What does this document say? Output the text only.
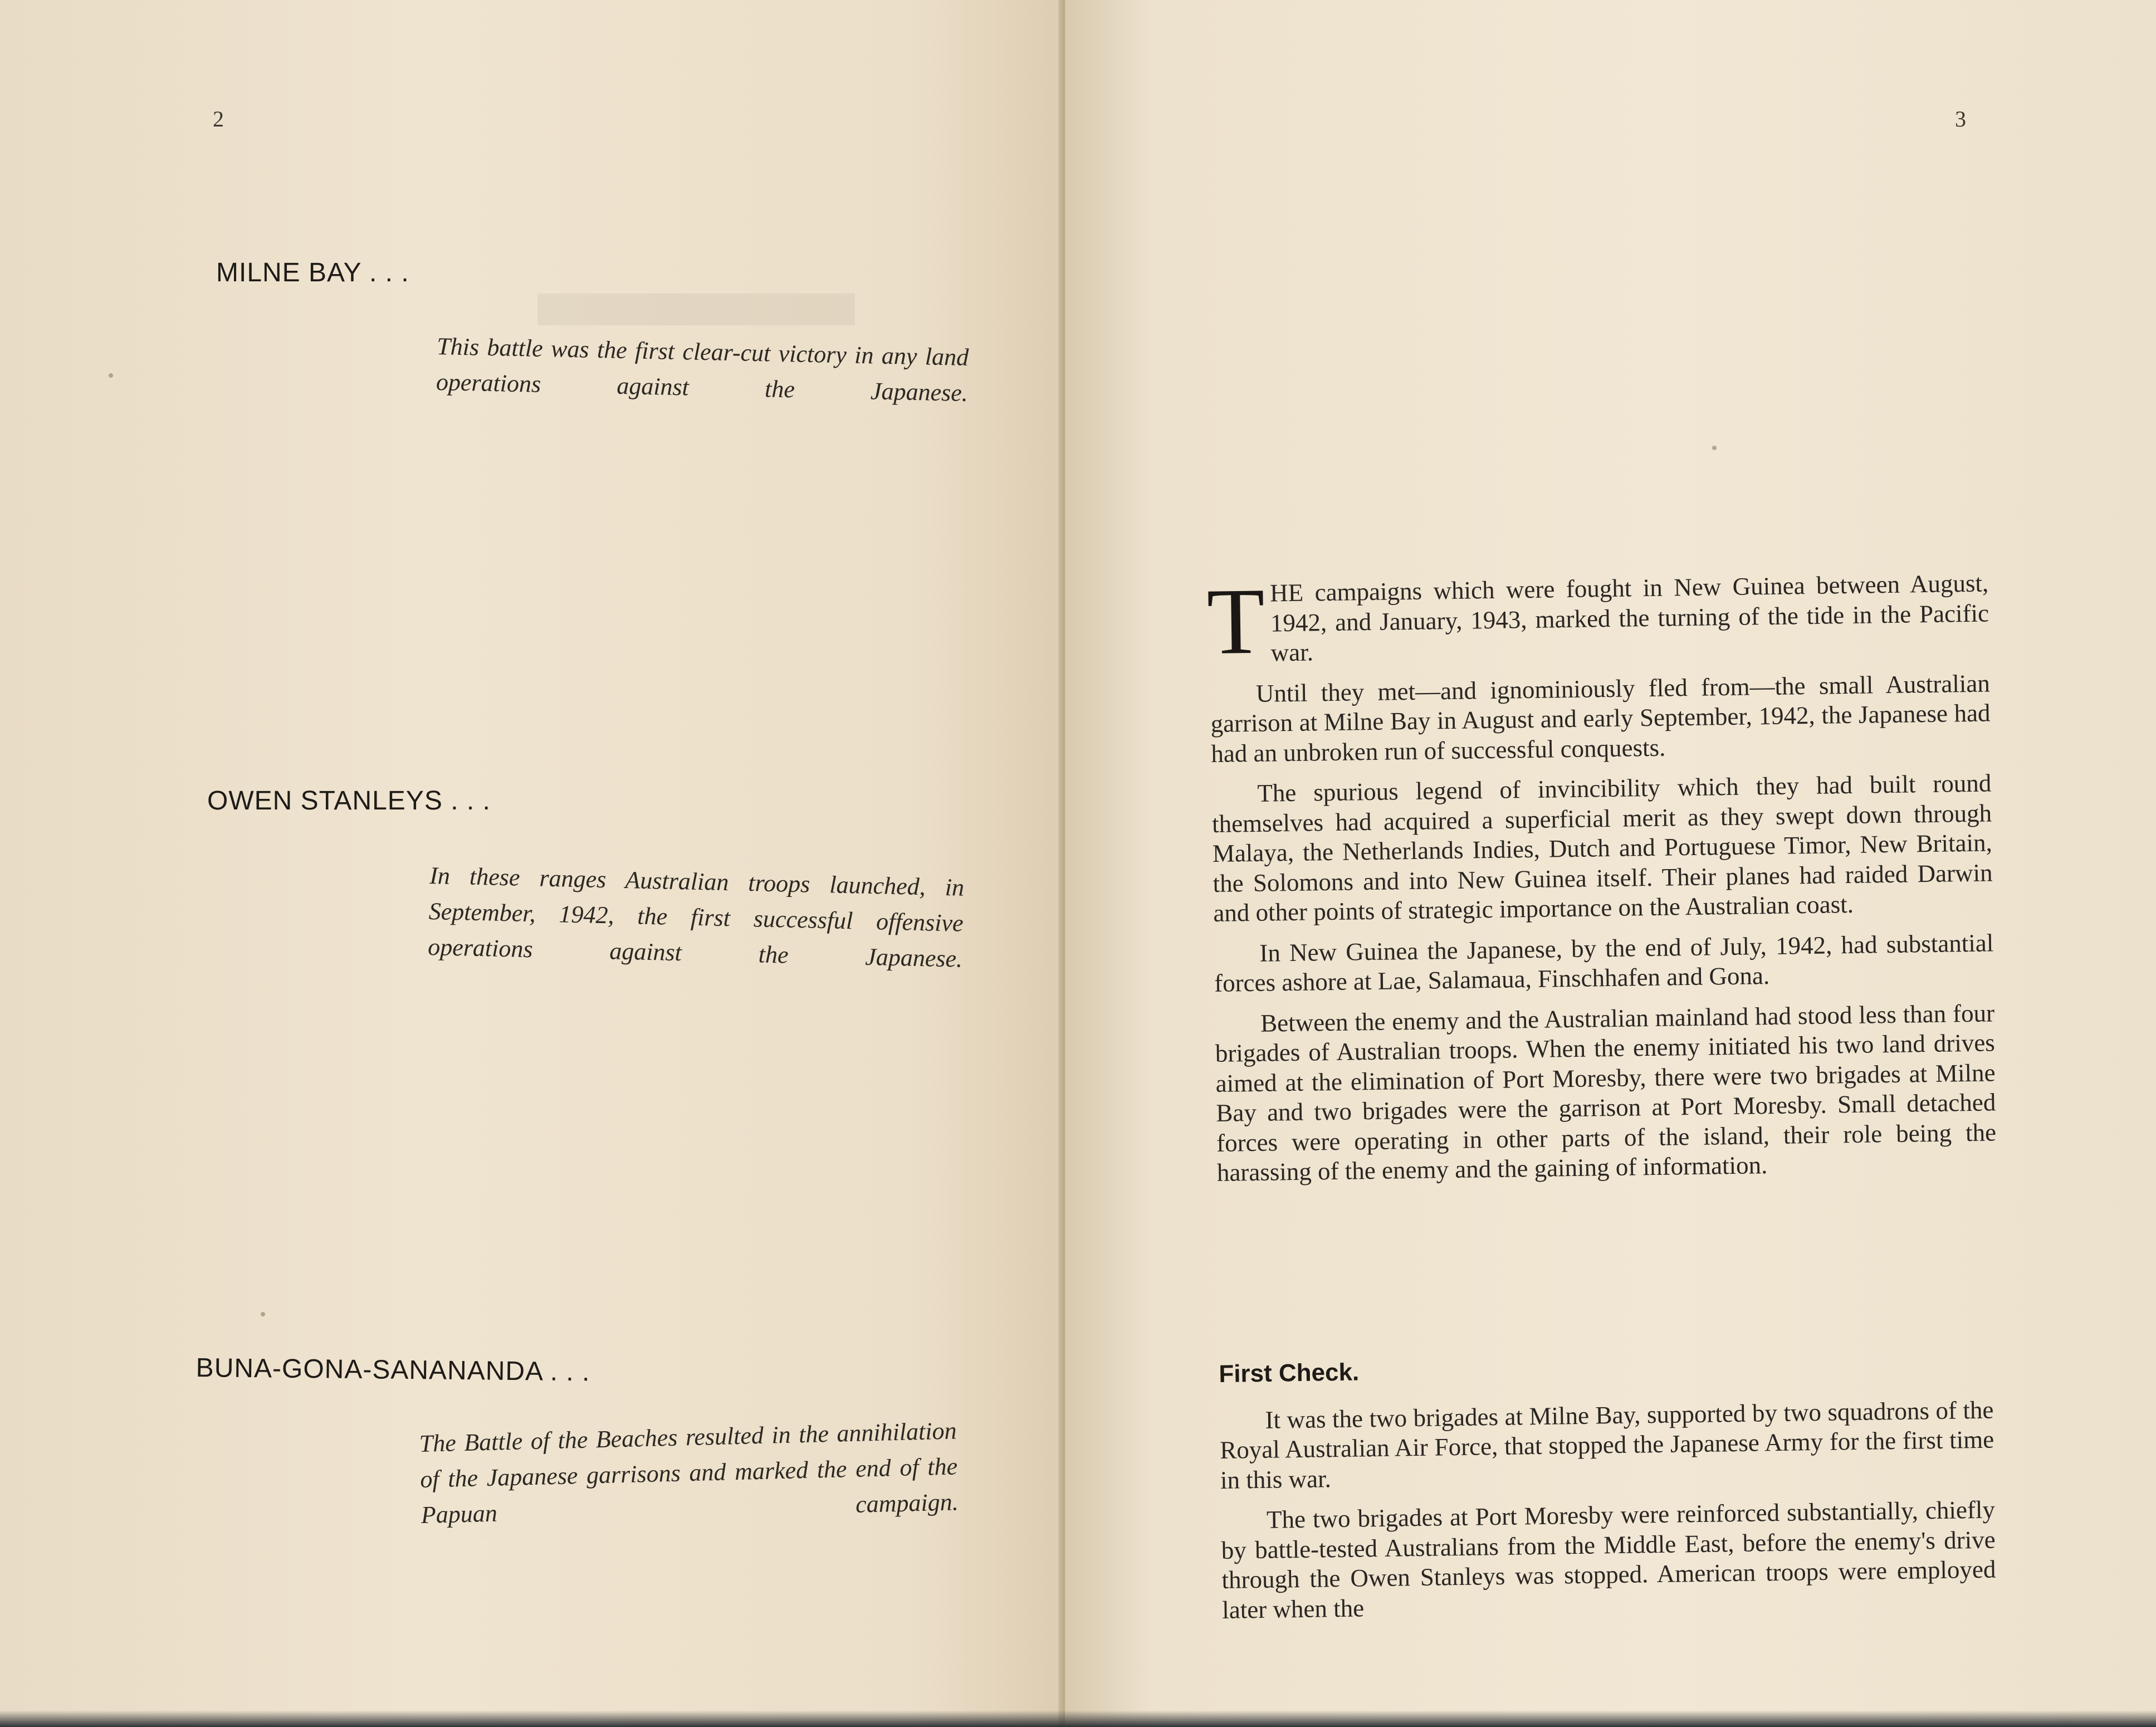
▬▬▬
2
MILNE BAY . . .
This battle was the first clear-cut victory in any land operations against the Japanese.
OWEN STANLEYS . . .
In these ranges Australian troops launched, in September, 1942, the first successful offensive operations against the Japanese.
BUNA-GONA-SANANANDA . . .
The Battle of the Beaches resulted in the annihilation of the Japanese garrisons and marked the end of the Papuan campaign.
3

THE campaigns which were fought in New Guinea between August, 1942, and January, 1943, marked the turning of the tide in the Pacific war.

Until they met—and ignominiously fled from—the small Australian garrison at Milne Bay in August and early September, 1942, the Japanese had had an unbroken run of successful conquests.

The spurious legend of invincibility which they had built round themselves had acquired a superficial merit as they swept down through Malaya, the Netherlands Indies, Dutch and Portuguese Timor, New Britain, the Solomons and into New Guinea itself. Their planes had raided Darwin and other points of strategic importance on the Australian coast.

In New Guinea the Japanese, by the end of July, 1942, had substantial forces ashore at Lae, Salamaua, Finschhafen and Gona.

Between the enemy and the Australian mainland had stood less than four brigades of Australian troops. When the enemy initiated his two land drives aimed at the elimination of Port Moresby, there were two brigades at Milne Bay and two brigades were the garrison at Port Moresby. Small detached forces were operating in other parts of the island, their role being the harassing of the enemy and the gaining of information.

First Check.

It was the two brigades at Milne Bay, supported by two squadrons of the Royal Australian Air Force, that stopped the Japanese Army for the first time in this war.

The two brigades at Port Moresby were reinforced substantially, chiefly by battle-tested Australians from the Middle East, before the enemy's drive through the Owen Stanleys was stopped. American troops were employed later when the
